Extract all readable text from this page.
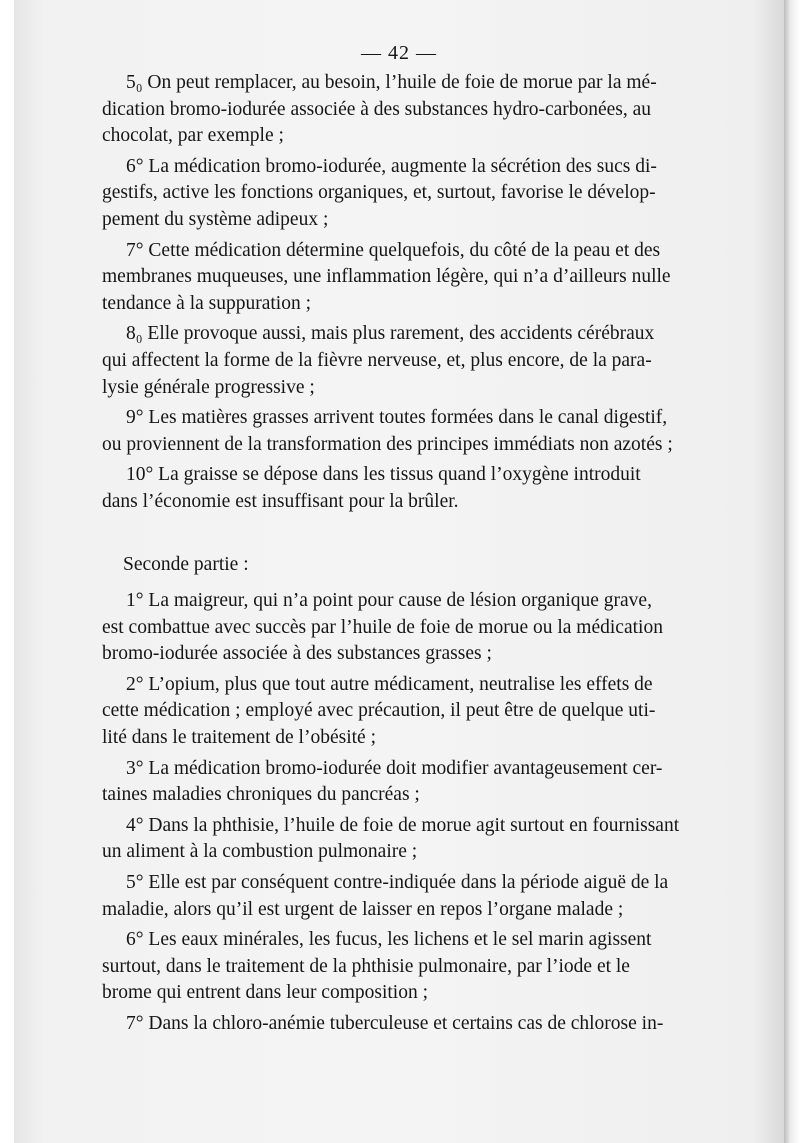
— 42 —
5₀ On peut remplacer, au besoin, l’huile de foie de morue par la mé-
dication bromo-iodurée associée à des substances hydro-carbonées, au
chocolat, par exemple ;
6° La médication bromo-iodurée, augmente la sécrétion des sucs di-
gestifs, active les fonctions organiques, et, surtout, favorise le dévelop-
pement du système adipeux ;
7° Cette médication détermine quelquefois, du côté de la peau et des
membranes muqueuses, une inflammation légère, qui n’a d’ailleurs nulle
tendance à la suppuration ;
8₀ Elle provoque aussi, mais plus rarement, des accidents cérébraux
qui affectent la forme de la fièvre nerveuse, et, plus encore, de la para-
lysie générale progressive ;
9° Les matières grasses arrivent toutes formées dans le canal digestif,
ou proviennent de la transformation des principes immédiats non azotés ;
10° La graisse se dépose dans les tissus quand l’oxygène introduit
dans l’économie est insuffisant pour la brûler.
Seconde partie :
1° La maigreur, qui n’a point pour cause de lésion organique grave,
est combattue avec succès par l’huile de foie de morue ou la médication
bromo-iodurée associée à des substances grasses ;
2° L’opium, plus que tout autre médicament, neutralise les effets de
cette médication ; employé avec précaution, il peut être de quelque uti-
lité dans le traitement de l’obésité ;
3° La médication bromo-iodurée doit modifier avantageusement cer-
taines maladies chroniques du pancréas ;
4° Dans la phthisie, l’huile de foie de morue agit surtout en fournissant
un aliment à la combustion pulmonaire ;
5° Elle est par conséquent contre-indiquée dans la période aiguë de la
maladie, alors qu’il est urgent de laisser en repos l’organe malade ;
6° Les eaux minérales, les fucus, les lichens et le sel marin agissent
surtout, dans le traitement de la phthisie pulmonaire, par l’iode et le
brome qui entrent dans leur composition ;
7° Dans la chloro-anémie tuberculeuse et certains cas de chlorose in-
